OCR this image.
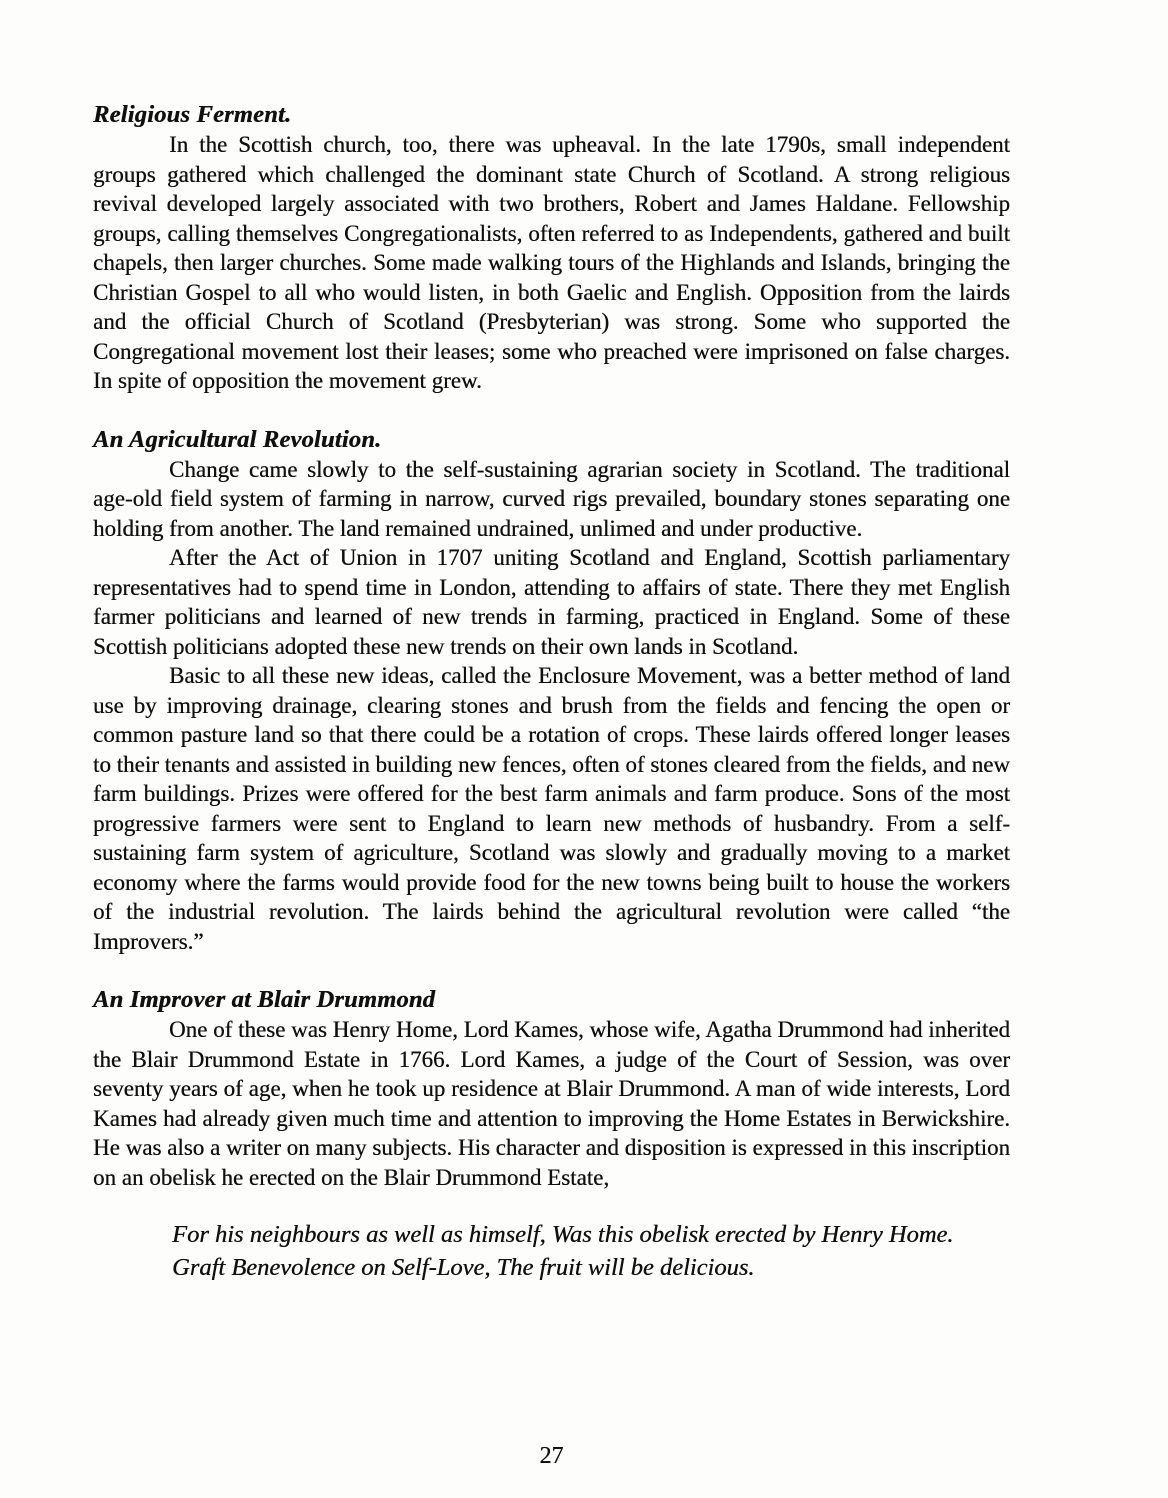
Religious Ferment.

In the Scottish church, too, there was upheaval. In the late 1790s, small independent groups gathered which challenged the dominant state Church of Scotland. A strong religious revival developed largely associated with two brothers, Robert and James Haldane. Fellowship groups, calling themselves Congregationalists, often referred to as Independents, gathered and built chapels, then larger churches. Some made walking tours of the Highlands and Islands, bringing the Christian Gospel to all who would listen, in both Gaelic and English. Opposition from the lairds and the official Church of Scotland (Presbyterian) was strong. Some who supported the Congregational movement lost their leases; some who preached were imprisoned on false charges. In spite of opposition the movement grew.

An Agricultural Revolution.

Change came slowly to the self-sustaining agrarian society in Scotland. The traditional age-old field system of farming in narrow, curved rigs prevailed, boundary stones separating one holding from another. The land remained undrained, unlimed and under productive.

After the Act of Union in 1707 uniting Scotland and England, Scottish parliamentary representatives had to spend time in London, attending to affairs of state. There they met English farmer politicians and learned of new trends in farming, practiced in England. Some of these Scottish politicians adopted these new trends on their own lands in Scotland.

Basic to all these new ideas, called the Enclosure Movement, was a better method of land use by improving drainage, clearing stones and brush from the fields and fencing the open or common pasture land so that there could be a rotation of crops. These lairds offered longer leases to their tenants and assisted in building new fences, often of stones cleared from the fields, and new farm buildings. Prizes were offered for the best farm animals and farm produce. Sons of the most progressive farmers were sent to England to learn new methods of husbandry. From a self-sustaining farm system of agriculture, Scotland was slowly and gradually moving to a market economy where the farms would provide food for the new towns being built to house the workers of the industrial revolution. The lairds behind the agricultural revolution were called “the Improvers.”

An Improver at Blair Drummond

One of these was Henry Home, Lord Kames, whose wife, Agatha Drummond had inherited the Blair Drummond Estate in 1766. Lord Kames, a judge of the Court of Session, was over seventy years of age, when he took up residence at Blair Drummond. A man of wide interests, Lord Kames had already given much time and attention to improving the Home Estates in Berwickshire. He was also a writer on many subjects. His character and disposition is expressed in this inscription on an obelisk he erected on the Blair Drummond Estate,

For his neighbours as well as himself, Was this obelisk erected by Henry Home.
Graft Benevolence on Self-Love, The fruit will be delicious.
27
